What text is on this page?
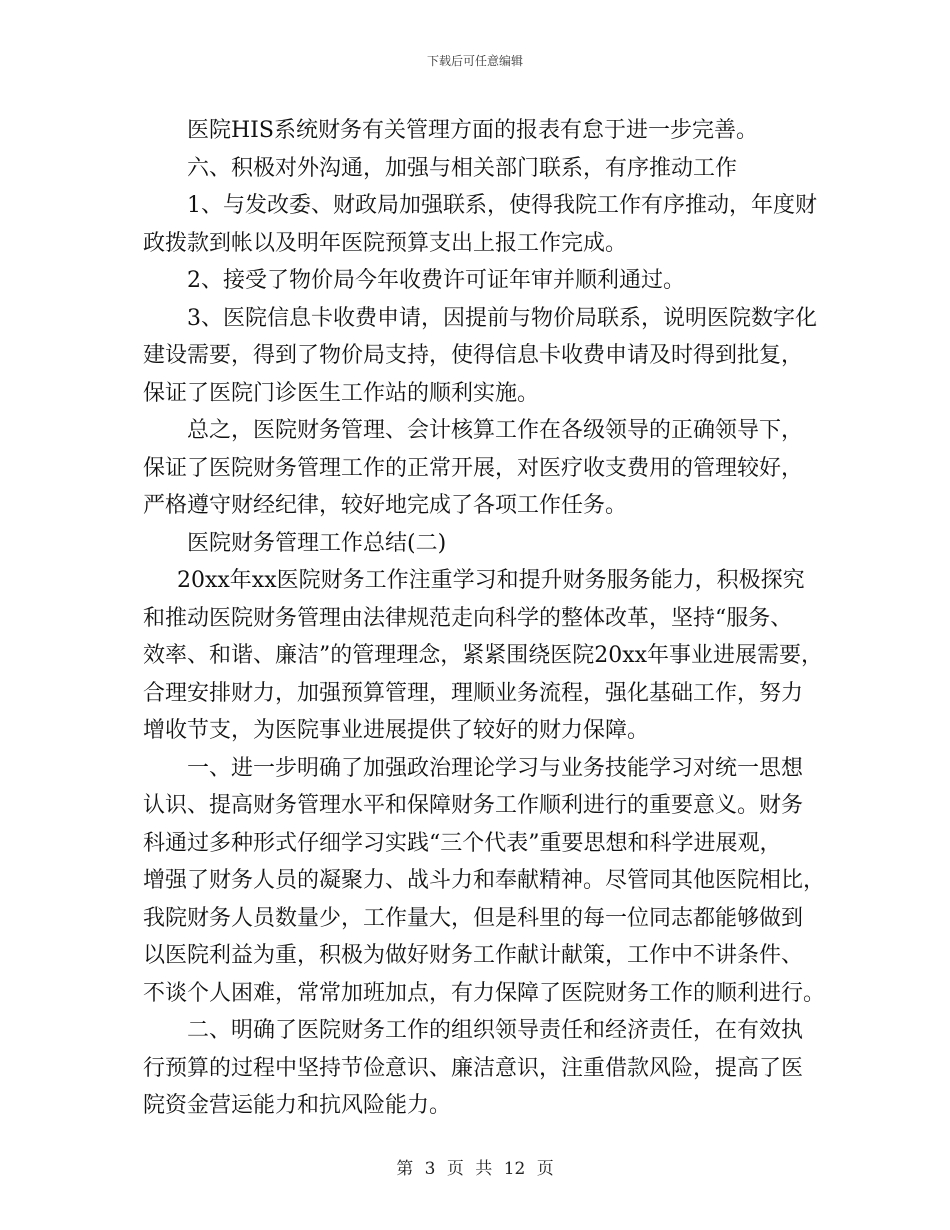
下载后可任意编辑
医院HIS系统财务有关管理方面的报表有怠于进一步完善。
六、积极对外沟通，加强与相关部门联系，有序推动工作
1、与发改委、财政局加强联系，使得我院工作有序推动，年度财
政拨款到帐以及明年医院预算支出上报工作完成。
2、接受了物价局今年收费许可证年审并顺利通过。
3、医院信息卡收费申请，因提前与物价局联系，说明医院数字化
建设需要，得到了物价局支持，使得信息卡收费申请及时得到批复，
保证了医院门诊医生工作站的顺利实施。
总之，医院财务管理、会计核算工作在各级领导的正确领导下，
保证了医院财务管理工作的正常开展，对医疗收支费用的管理较好，
严格遵守财经纪律，较好地完成了各项工作任务。
医院财务管理工作总结(二)
20xx年xx医院财务工作注重学习和提升财务服务能力，积极探究
和推动医院财务管理由法律规范走向科学的整体改革，坚持“服务、
效率、和谐、廉洁”的管理理念，紧紧围绕医院20xx年事业进展需要，
合理安排财力，加强预算管理，理顺业务流程，强化基础工作，努力
增收节支，为医院事业进展提供了较好的财力保障。
一、进一步明确了加强政治理论学习与业务技能学习对统一思想
认识、提高财务管理水平和保障财务工作顺利进行的重要意义。财务
科通过多种形式仔细学习实践“三个代表”重要思想和科学进展观，
增强了财务人员的凝聚力、战斗力和奉献精神。尽管同其他医院相比，
我院财务人员数量少，工作量大，但是科里的每一位同志都能够做到
以医院利益为重，积极为做好财务工作献计献策，工作中不讲条件、
不谈个人困难，常常加班加点，有力保障了医院财务工作的顺利进行。
二、明确了医院财务工作的组织领导责任和经济责任，在有效执
行预算的过程中坚持节俭意识、廉洁意识，注重借款风险，提高了医
院资金营运能力和抗风险能力。
第 3 页 共 12 页
